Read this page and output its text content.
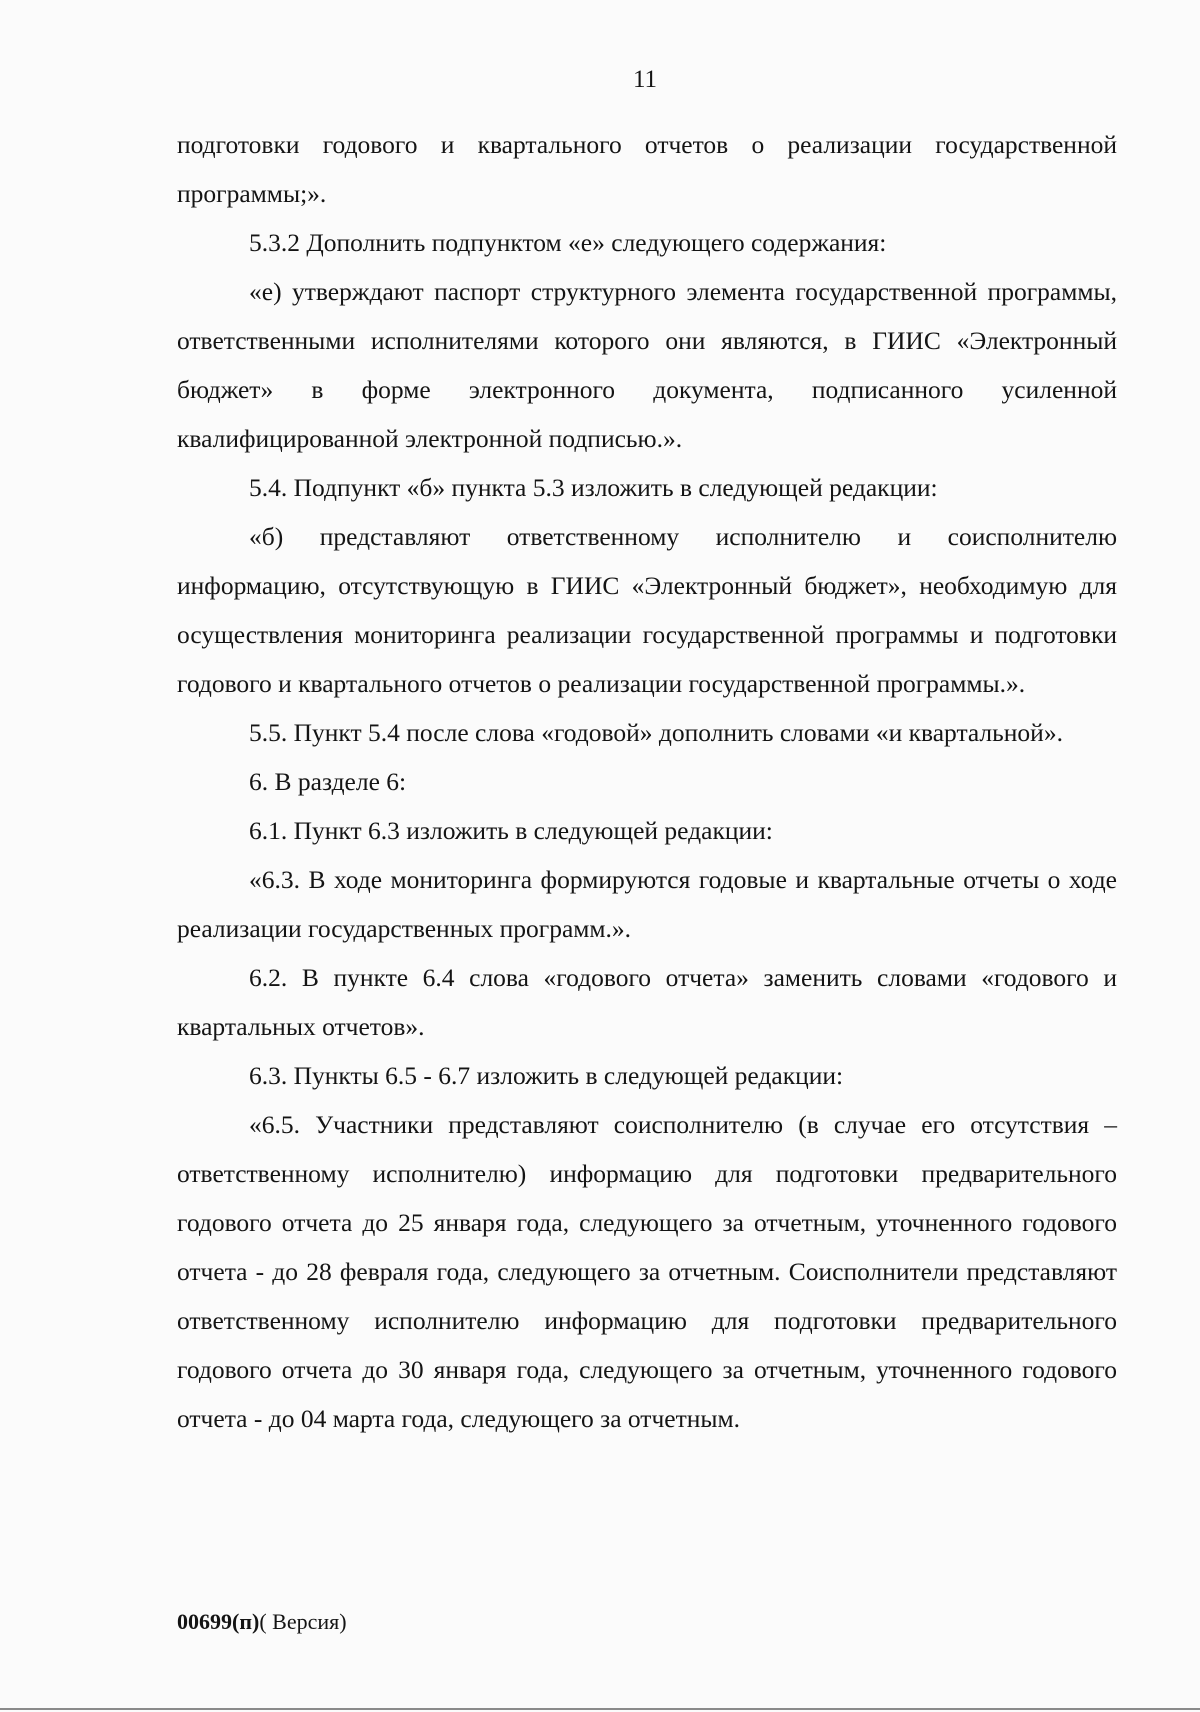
11

подготовки годового и квартального отчетов о реализации государственной программы;».

5.3.2 Дополнить подпунктом «е» следующего содержания:

«е) утверждают паспорт структурного элемента государственной программы, ответственными исполнителями которого они являются, в ГИИС «Электронный бюджет» в форме электронного документа, подписанного усиленной квалифицированной электронной подписью.».

5.4. Подпункт «б» пункта 5.3 изложить в следующей редакции:

«б) представляют ответственному исполнителю и соисполнителю информацию, отсутствующую в ГИИС «Электронный бюджет», необходимую для осуществления мониторинга реализации государственной программы и подготовки годового и квартального отчетов о реализации государственной программы.».

5.5. Пункт 5.4 после слова «годовой» дополнить словами «и квартальной».

6. В разделе 6:

6.1. Пункт 6.3 изложить в следующей редакции:

«6.3. В ходе мониторинга формируются годовые и квартальные отчеты о ходе реализации государственных программ.».

6.2. В пункте 6.4 слова «годового отчета» заменить словами «годового и квартальных отчетов».

6.3. Пункты 6.5 - 6.7 изложить в следующей редакции:

«6.5. Участники представляют соисполнителю (в случае его отсутствия – ответственному исполнителю) информацию для подготовки предварительного годового отчета до 25 января года, следующего за отчетным, уточненного годового отчета - до 28 февраля года, следующего за отчетным. Соисполнители представляют ответственному исполнителю информацию для подготовки предварительного годового отчета до 30 января года, следующего за отчетным, уточненного годового отчета - до 04 марта года, следующего за отчетным.

00699(п)( Версия)
